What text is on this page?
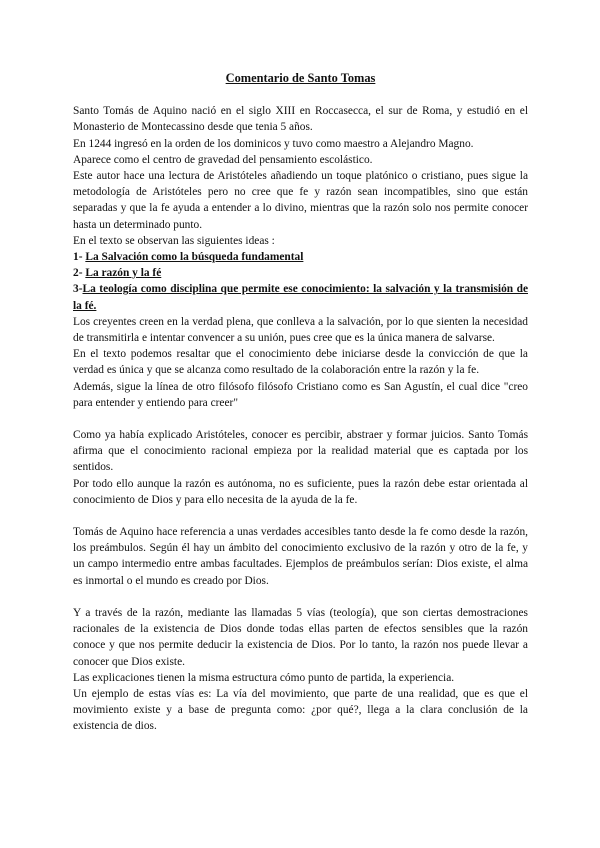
Comentario de Santo Tomas

Santo Tomás de Aquino nació en el siglo XIII en Roccasecca, el sur de Roma, y estudió en el Monasterio de Montecassino desde que tenia 5 años.

En 1244 ingresó en la orden de los dominicos y tuvo como maestro a Alejandro Magno.

Aparece como el centro de gravedad del pensamiento escolástico.

Este autor hace una lectura de Aristóteles añadiendo un toque platónico o cristiano, pues sigue la metodología de Aristóteles pero no cree que fe y razón sean incompatibles, sino que están separadas y que la fe ayuda a entender a lo divino, mientras que la razón solo nos permite conocer hasta un determinado punto.

En el texto se observan las siguientes ideas :

1- La Salvación como la búsqueda fundamental

2- La razón y la fé

3-La teología como disciplina que permite ese conocimiento: la salvación y la transmisión de la fé.

Los creyentes creen en la verdad plena, que conlleva a la salvación, por lo que sienten la necesidad de transmitirla e intentar convencer a su unión, pues cree que es la única manera de salvarse.

En el texto podemos resaltar que el conocimiento debe iniciarse desde la convicción de que la verdad es única y que se alcanza como resultado de la colaboración entre la razón y la fe.

Además, sigue la línea de otro filósofo filósofo Cristiano como es San Agustín, el cual dice "creo para entender y entiendo para creer"

Como ya había explicado Aristóteles, conocer es percibir, abstraer y formar juicios. Santo Tomás afirma que el conocimiento racional empieza por la realidad material que es captada por los sentidos.

Por todo ello aunque la razón es autónoma, no es suficiente, pues la razón debe estar orientada al conocimiento de Dios y para ello necesita de la ayuda de la fe.

Tomás de Aquino hace referencia a unas verdades accesibles tanto desde la fe como desde la razón, los preámbulos. Según él hay un ámbito del conocimiento exclusivo de la razón y otro de la fe, y un campo intermedio entre ambas facultades. Ejemplos de preámbulos serían: Dios existe, el alma es inmortal o el mundo es creado por Dios.

Y a través de la razón, mediante las llamadas 5 vías (teología), que son ciertas demostraciones racionales de la existencia de Dios donde todas ellas parten de efectos sensibles que la razón conoce y que nos permite deducir la existencia de Dios. Por lo tanto, la razón nos puede llevar a conocer que Dios existe.

Las explicaciones tienen la misma estructura cómo punto de partida, la experiencia.

Un ejemplo de estas vías es: La vía del movimiento, que parte de una realidad, que es que el movimiento existe y a base de pregunta como: ¿por qué?, llega a la clara conclusión de la existencia de dios.
